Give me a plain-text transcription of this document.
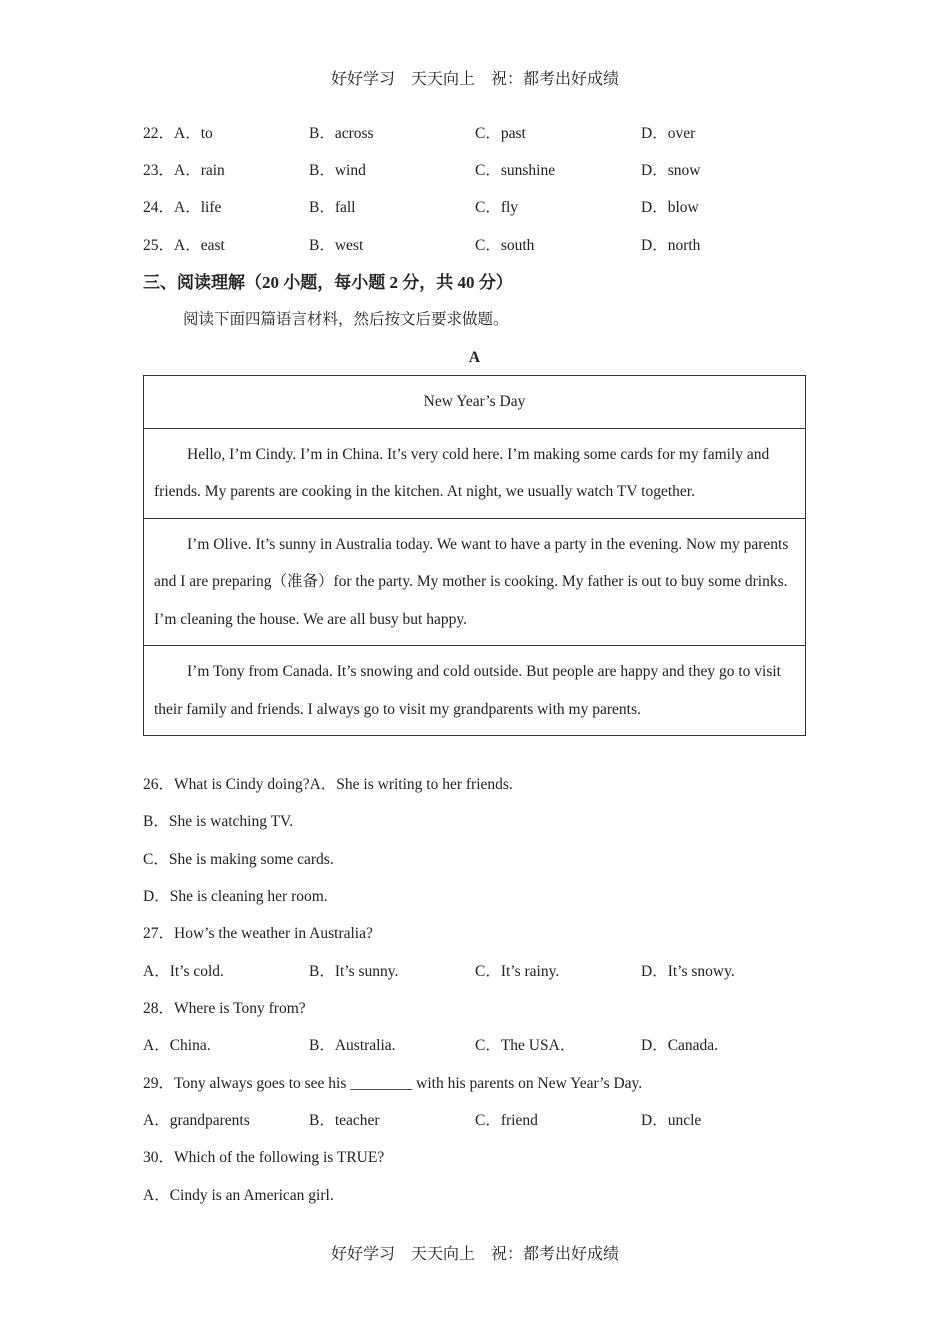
好好学习　天天向上　祝：都考出好成绩
22．A．to	B．across	C．past	D．over
23．A．rain	B．wind	C．sunshine	D．snow
24．A．life	B．fall	C．fly	D．blow
25．A．east	B．west	C．south	D．north
三、阅读理解（20 小题，每小题 2 分，共 40 分）
阅读下面四篇语言材料，然后按文后要求做题。
A
New Year’s Day

Hello, I’m Cindy. I’m in China. It’s very cold here. I’m making some cards for my family and friends. My parents are cooking in the kitchen. At night, we usually watch TV together.

I’m Olive. It’s sunny in Australia today. We want to have a party in the evening. Now my parents and I are preparing（准备）for the party. My mother is cooking. My father is out to buy some drinks. I’m cleaning the house. We are all busy but happy.

I’m Tony from Canada. It’s snowing and cold outside. But people are happy and they go to visit their family and friends. I always go to visit my grandparents with my parents.
26．What is Cindy doing?A．She is writing to her friends.
B．She is watching TV.
C．She is making some cards.
D．She is cleaning her room.
27．How’s the weather in Australia?
A．It’s cold.	B．It’s sunny.	C．It’s rainy.	D．It’s snowy.
28．Where is Tony from?
A．China.	B．Australia.	C．The USA．	D．Canada.
29．Tony always goes to see his ________ with his parents on New Year’s Day.
A．grandparents	B．teacher	C．friend	D．uncle
30．Which of the following is TRUE?
A．Cindy is an American girl.
好好学习　天天向上　祝：都考出好成绩
